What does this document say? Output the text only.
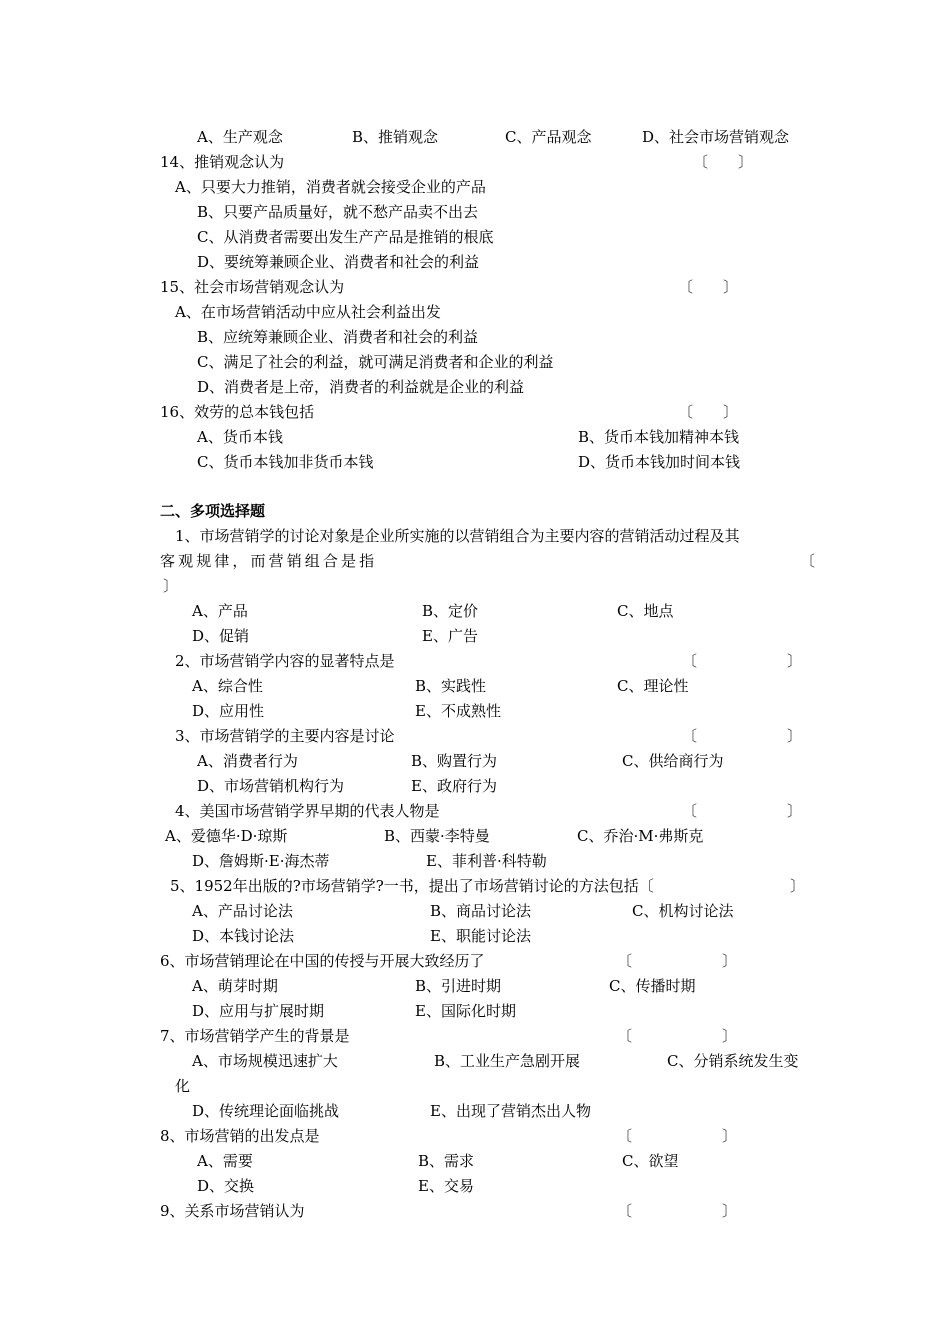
A、生产观念	B、推销观念	C、产品观念	D、社会市场营销观念
14、推销观念认为	〔　　〕
A、只要大力推销，消费者就会接受企业的产品
B、只要产品质量好，就不愁产品卖不出去
C、从消费者需要出发生产产品是推销的根底
D、要统筹兼顾企业、消费者和社会的利益
15、社会市场营销观念认为	〔　　〕
A、在市场营销活动中应从社会利益出发
B、应统筹兼顾企业、消费者和社会的利益
C、满足了社会的利益，就可满足消费者和企业的利益
D、消费者是上帝，消费者的利益就是企业的利益
16、效劳的总本钱包括	〔　　〕
A、货币本钱	B、货币本钱加精神本钱
C、货币本钱加非货币本钱	D、货币本钱加时间本钱
二、多项选择题
1、市场营销学的讨论对象是企业所实施的以营销组合为主要内容的营销活动过程及其
客观规律，而营销组合是指	〔
〕
A、产品	B、定价	C、地点
D、促销	E、广告
2、市场营销学内容的显著特点是	〔　　　　　　〕
A、综合性	B、实践性	C、理论性
D、应用性	E、不成熟性
3、市场营销学的主要内容是讨论	〔　　　　　　〕
A、消费者行为	B、购置行为	C、供给商行为
D、市场营销机构行为	E、政府行为
4、美国市场营销学界早期的代表人物是	〔　　　　　　〕
A、爱德华·D·琼斯	B、西蒙·李特曼	C、乔治·M·弗斯克
D、詹姆斯·E·海杰蒂	E、菲利普·科特勒
5、1952年出版的?市场营销学?一书，提出了市场营销讨论的方法包括〔	〕
A、产品讨论法	B、商品讨论法	C、机构讨论法
D、本钱讨论法	E、职能讨论法
6、市场营销理论在中国的传授与开展大致经历了	〔　　　　　　〕
A、萌芽时期	B、引进时期	C、传播时期
D、应用与扩展时期	E、国际化时期
7、市场营销学产生的背景是	〔　　　　　　〕
A、市场规模迅速扩大	B、工业生产急剧开展	C、分销系统发生变
化
D、传统理论面临挑战	E、出现了营销杰出人物
8、市场营销的出发点是	〔　　　　　　〕
A、需要	B、需求	C、欲望
D、交换	E、交易
9、关系市场营销认为	〔　　　　　　〕
